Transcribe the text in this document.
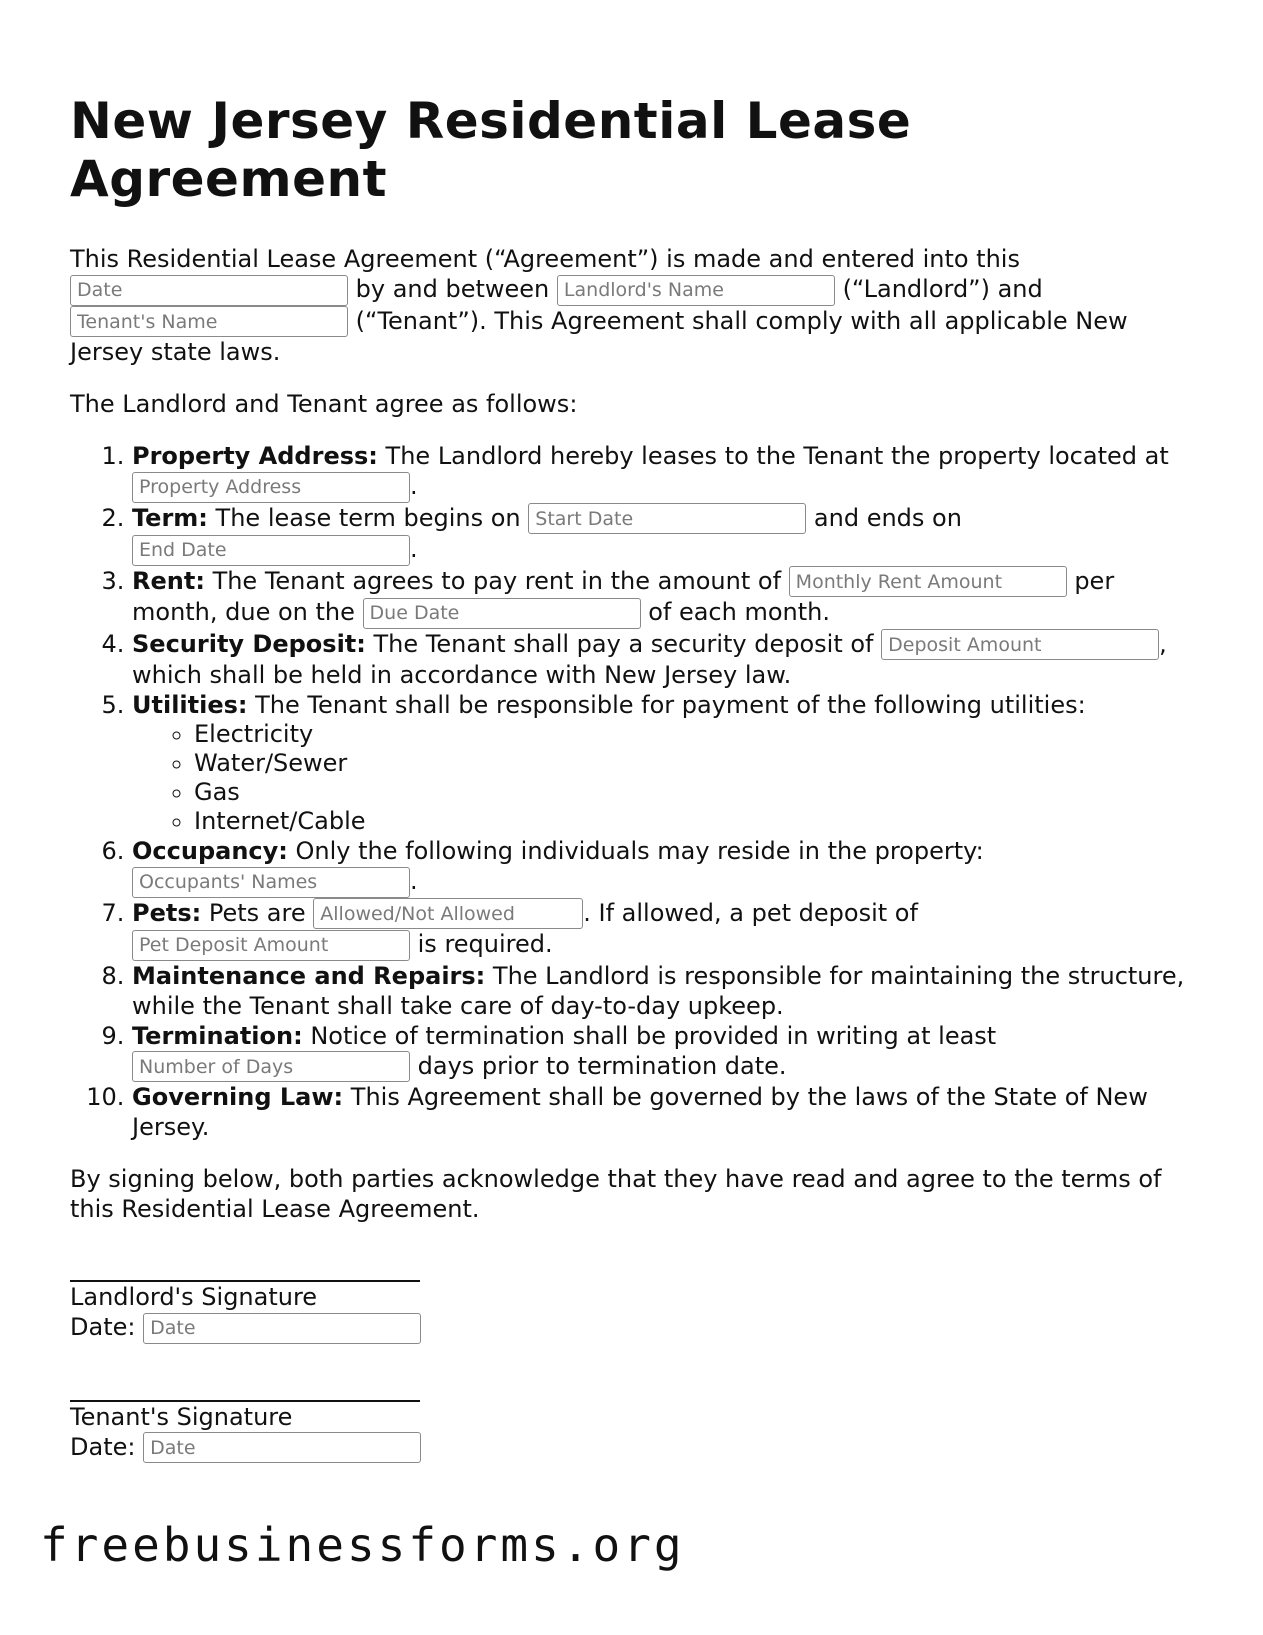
New Jersey Residential Lease Agreement

This Residential Lease Agreement (“Agreement”) is made and entered into this Date by and between Landlord's Name	(“Landlord”) and Tenant's Name (“Tenant”). This Agreement shall comply with all applicable New Jersey state laws.

The Landlord and Tenant agree as follows:

1. Property Address: The Landlord hereby leases to the Tenant the property located at Property Address.
2. Term: The lease term begins on Start Date	and ends on End Date.
3. Rent: The Tenant agrees to pay rent in the amount of Monthly Rent Amount	per month, due on the Due Date	of each month.
4. Security Deposit: The Tenant shall pay a security deposit of Deposit Amount	, which shall be held in accordance with New Jersey law.
5. Utilities: The Tenant shall be responsible for payment of the following utilities:
◦ Electricity
◦ Water/Sewer
◦ Gas
◦ Internet/Cable
6. Occupancy: Only the following individuals may reside in the property: Occupants' Names.
7. Pets: Pets are Allowed/Not Allowed	. If allowed, a pet deposit of Pet Deposit Amount is required.
8. Maintenance and Repairs: The Landlord is responsible for maintaining the structure, while the Tenant shall take care of day-to-day upkeep.
9. Termination: Notice of termination shall be provided in writing at least Number of Days days prior to termination date.
10. Governing Law: This Agreement shall be governed by the laws of the State of New Jersey.

By signing below, both parties acknowledge that they have read and agree to the terms of this Residential Lease Agreement.

Landlord's Signature
Date: Date
Tenant's Signature
Date: Date
freebusinessforms.org
